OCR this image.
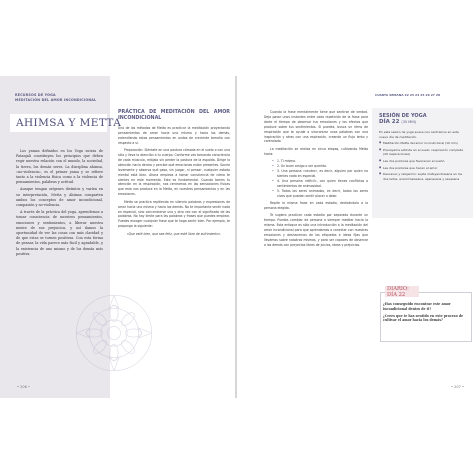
RECURSOS DE YOGA
MEDITACIÓN DEL AMOR INCONDICIONAL
AHIMSA Y METTA

Los yamas definidos en los Yoga sutras de Patanjali constituyen los principios que deben regir nuestra relación con el mundo, la sociedad, la tierra, los demás seres. La disciplina ahimsa, «no-violencia», es el primer yama y se refiere tanto a la violencia física como a la violencia de pensamientos, palabras y actitud.

Aunque tengan orígenes distintos y varíen en su interpretación, Metta y Ahimsa comparten ambos los conceptos de amor incondicional, compasión y no-violencia.

A través de la práctica del yoga, aprendemos a tomar consciencia de nuestros pensamientos, emociones y sentimientos, a liberar nuestra mente de sus prejuicios, y así damos la oportunidad de ver las cosas con más claridad y de que estas se tornen positivas. Con esta forma de pensar, la vida parece más fácil y agradable, y la existencia de uno mismo y de los demás más positiva.

• 206 •
PRÁCTICA DE MEDITACIÓN DEL AMOR INCONDICIONAL

Uno de los métodos de Metta es practicar la meditación proyectando pensamientos de amor hacia uno mismo y hacia los demás, extendiendo estos pensamientos en ondas de creciente tamaño con respecto a sí.

Preparación: Siéntate en una postura cómoda en el suelo o con una silla y lleva la atención a tu cuerpo. Conforme vas tomando consciencia de cada músculo, relájalo sin perder la postura de la espalda. Dirige la atención hacia dentro y percibe qué emociones están presentes. Sonríe levemente y observa qué pasa, sin juzgar, ni pensar, cualquier estado mental está bien. Ahora empieza a tomar consciencia de cómo te sientes en este momento. Esto es fundamental. Cuando tomes tu atención en la respiración, nos centramos en las sensaciones físicas que esta nos produce en la Metta, en nuestros pensamientos y en las emociones.

Metta se practica repitiendo en silencio palabras y expresiones de amor hacia uno mismo y hacia los demás. No te importante sentir nada en especial, sino concentrarse uno y otra vez con el significado de las palabras. No hay límite para las palabras y frases que puedes emplear. Puedes escoger cualquier frase que te haga sentir bien. Por ejemplo, te propongo la siguiente:

«Que esté bien, que sea feliz, que esté libre de sufrimiento».

CUARTA SEMANA 22 23 24 25 26 27 28

Cuando la frase mentalmente tiene que sentirse de verdad. Deja pasar unos instantes entre cada repetición de la frase para darte el tiempo de observar tus emociones y los efectos que produce sobre tus sentimientos. Si puedes, busca un ritmo de respiración que te ayude a sincronizar unas palabras con una inspiración y otras con una espiración, creando un flujo lento y controlado.

La meditación se realiza en cinco etapas, cultivando Metta hacia:

• 1. Ti mismo.
• 2. Un buen amigo o ser querido.
• 3. Una persona «neutra», es decir, alguien por quien no sientes nada en especial.
• 4. Una persona «difícil», con quien tienes conflictos o sentimientos de animosidad.
• 5. Todos los seres animados, es decir, todos los seres vivos que puedan sentir placer o dolor.

Repite la misma frase en cada estadio, dedicándola a la persona elegida.

Te sugiero practicar cada estadio por separado durante un tiempo. Puedes cambiar de persona o siempre meditar hacia la misma. Esta enfoque es sólo una introducción a la meditación del amor incondicional para que aprendamos a conectar con nuestras emociones y deshacernos de las etiquetas e ideas fijas que llevamos sobre nosotros mismos, y para ser capaces de observar a los demás con proyectos libres de juicios, ideas y prejuicios.

SESIÓN DE YOGA
DÍA 22 (30 MIN)

En esta sesión de yoga suave nos centramos en este nuevo día de meditación.

■ Meditación Metta del amor incondicional (10 min)
■ Pranayama extinde en el suelo: respiración completa (20 respiraciones)
■ Las dos posturas que favorecen el sueño
■ Las dos posturas que hacen el amor
■ Descanso y relajación: supta matsyendrasana en los dos lados, anand balasana, apanasana y savasana
DIARIO:
DÍA 22

¿Has conseguido encontrar este amor incondicional dentro de ti?

¿Crees que te has sentido en este proceso de cultivar el amor hacia los demás?

• 207 •
